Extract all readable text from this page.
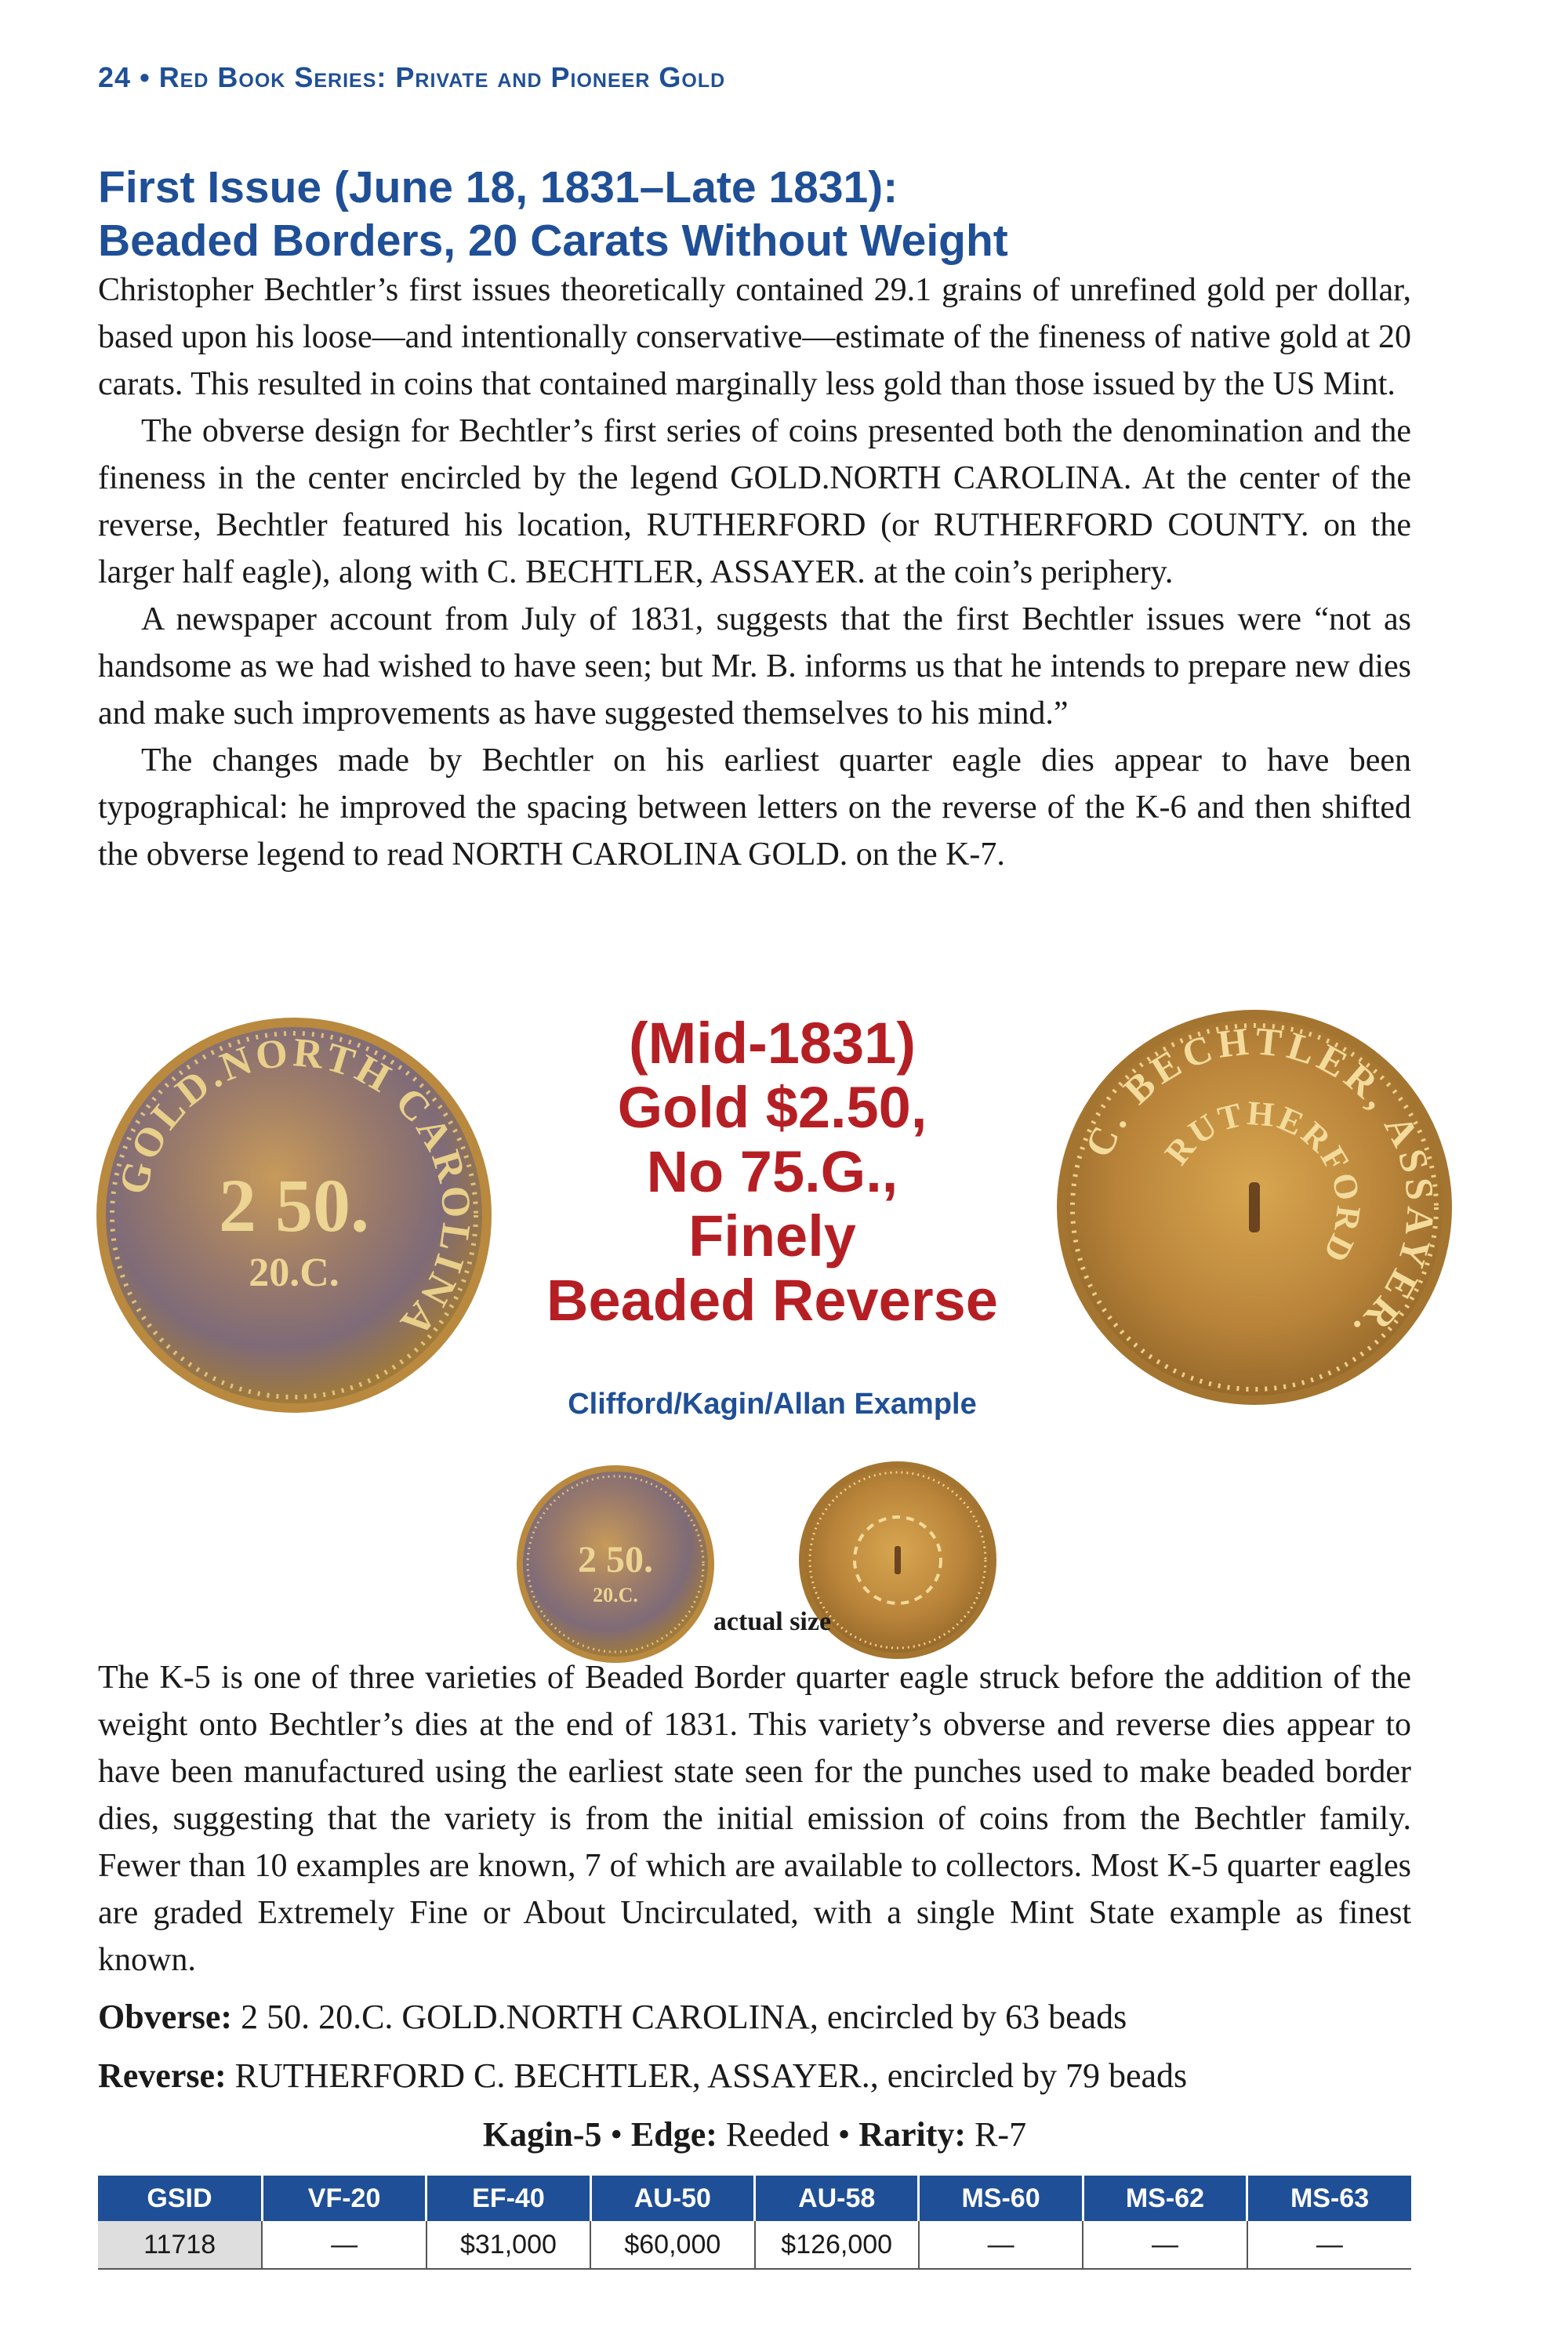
24 • Red Book Series: Private and Pioneer Gold
First Issue (June 18, 1831–Late 1831):
Beaded Borders, 20 Carats Without Weight

Christopher Bechtler’s first issues theoretically contained 29.1 grains of unrefined gold per dollar, based upon his loose—and intentionally conservative—estimate of the fineness of native gold at 20 carats. This resulted in coins that contained marginally less gold than those issued by the US Mint.

The obverse design for Bechtler’s first series of coins presented both the denomination and the fineness in the center encircled by the legend GOLD.NORTH CAROLINA. At the center of the reverse, Bechtler featured his location, RUTHERFORD (or RUTHERFORD COUNTY. on the larger half eagle), along with C. BECHTLER, ASSAYER. at the coin’s periphery.

A newspaper account from July of 1831, suggests that the first Bechtler issues were “not as handsome as we had wished to have seen; but Mr. B. informs us that he intends to prepare new dies and make such improvements as have suggested themselves to his mind.”

The changes made by Bechtler on his earliest quarter eagle dies appear to have been typographical: he improved the spacing between letters on the reverse of the K-6 and then shifted the obverse legend to read NORTH CAROLINA GOLD. on the K-7.

GOLD.NORTH CAROLINA
2 50.
20.C.
(Mid-1831)
Gold $2.50,
No 75.G.,
Finely
Beaded Reverse
C. BECHTLER, ASSAYER.
RUTHERFORD
Clifford/Kagin/Allan Example
2 50.
20.C.
actual size

The K-5 is one of three varieties of Beaded Border quarter eagle struck before the addition of the weight onto Bechtler’s dies at the end of 1831. This variety’s obverse and reverse dies appear to have been manufactured using the earliest state seen for the punches used to make beaded border dies, suggesting that the variety is from the initial emission of coins from the Bechtler family. Fewer than 10 examples are known, 7 of which are available to collectors. Most K-5 quarter eagles are graded Extremely Fine or About Uncirculated, with a single Mint State example as finest known.

Obverse: 2 50. 20.C. GOLD.NORTH CAROLINA, encircled by 63 beads
Reverse: RUTHERFORD C. BECHTLER, ASSAYER., encircled by 79 beads
Kagin-5 • Edge: Reeded • Rarity: R-7
GSID	VF-20	EF-40	AU-50	AU-58	MS-60	MS-62	MS-63
11718	—	$31,000	$60,000	$126,000	—	—	—
